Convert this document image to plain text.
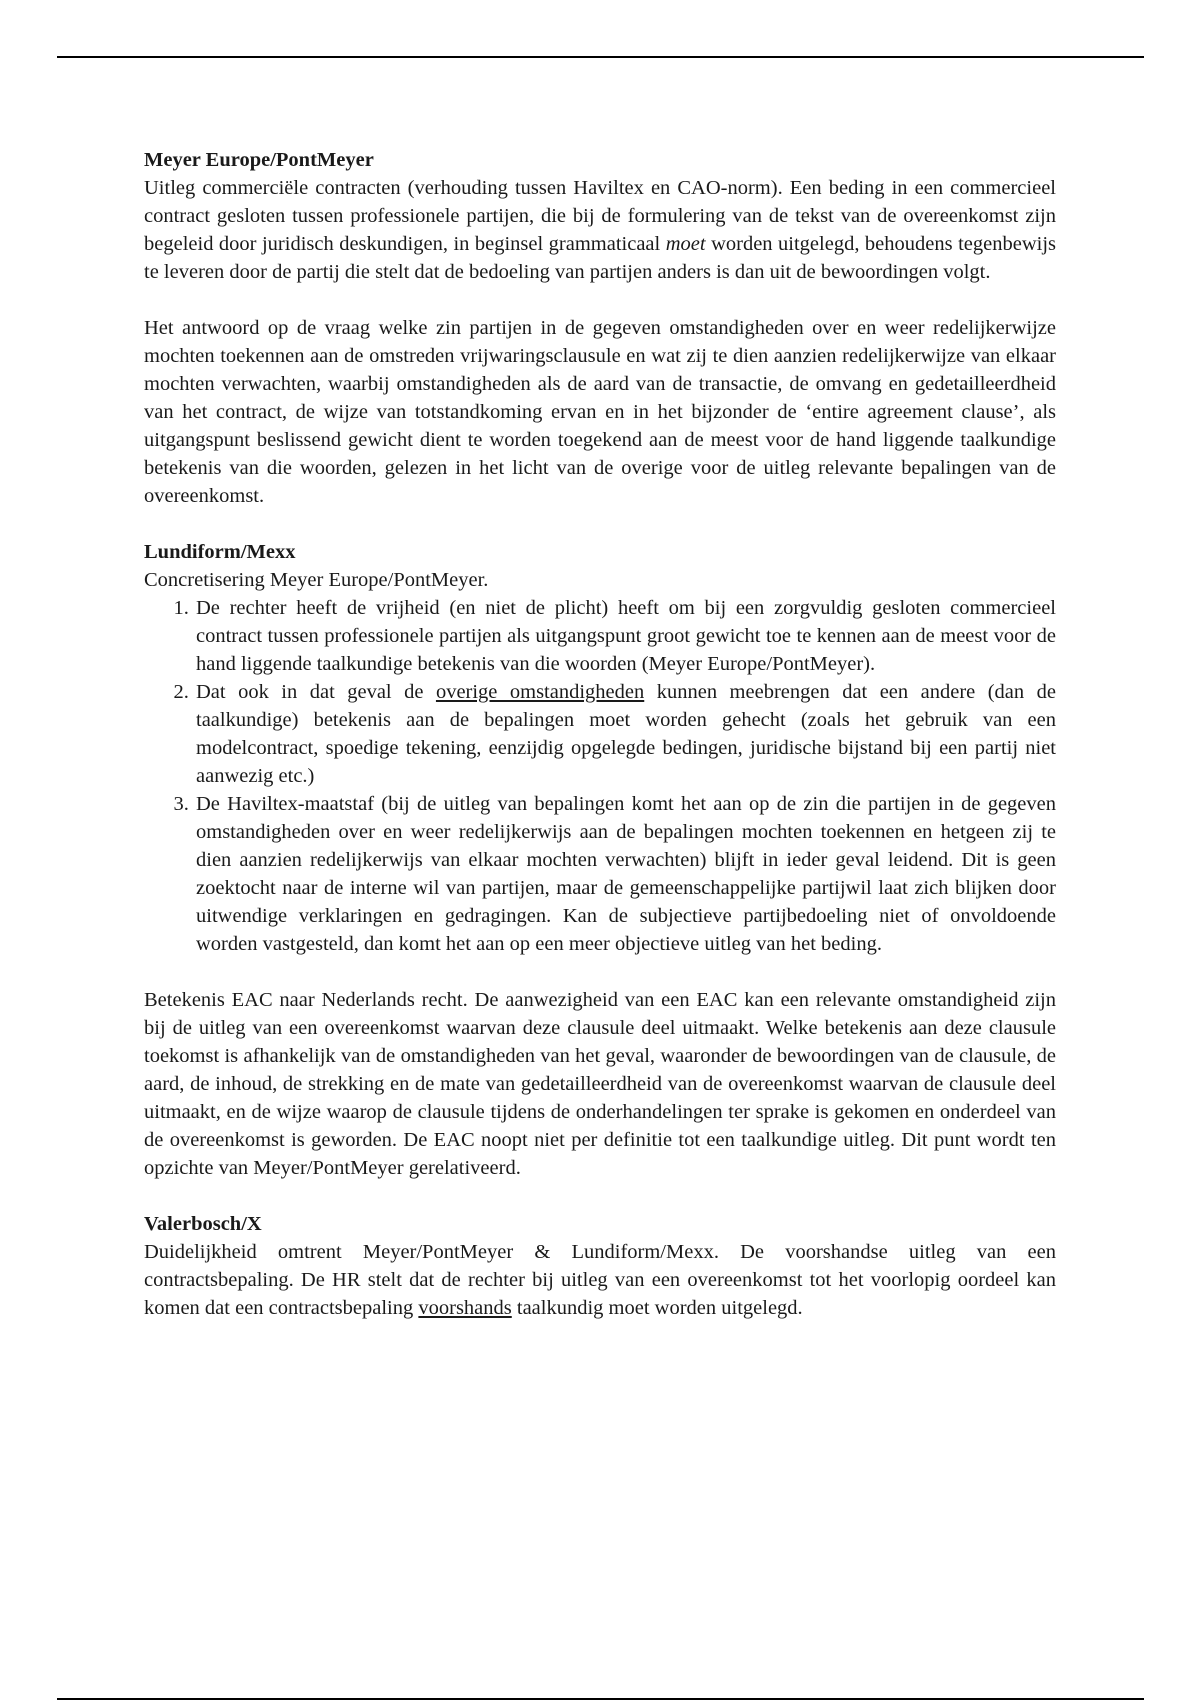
Meyer Europe/PontMeyer

Uitleg commerciële contracten (verhouding tussen Haviltex en CAO-norm). Een beding in een commercieel contract gesloten tussen professionele partijen, die bij de formulering van de tekst van de overeenkomst zijn begeleid door juridisch deskundigen, in beginsel grammaticaal moet worden uitgelegd, behoudens tegenbewijs te leveren door de partij die stelt dat de bedoeling van partijen anders is dan uit de bewoordingen volgt.

Het antwoord op de vraag welke zin partijen in de gegeven omstandigheden over en weer redelijkerwijze mochten toekennen aan de omstreden vrijwaringsclausule en wat zij te dien aanzien redelijkerwijze van elkaar mochten verwachten, waarbij omstandigheden als de aard van de transactie, de omvang en gedetailleerdheid van het contract, de wijze van totstandkoming ervan en in het bijzonder de ‘entire agreement clause’, als uitgangspunt beslissend gewicht dient te worden toegekend aan de meest voor de hand liggende taalkundige betekenis van die woorden, gelezen in het licht van de overige voor de uitleg relevante bepalingen van de overeenkomst.

Lundiform/Mexx

Concretisering Meyer Europe/PontMeyer.

1. De rechter heeft de vrijheid (en niet de plicht) heeft om bij een zorgvuldig gesloten commercieel contract tussen professionele partijen als uitgangspunt groot gewicht toe te kennen aan de meest voor de hand liggende taalkundige betekenis van die woorden (Meyer Europe/PontMeyer).
2. Dat ook in dat geval de overige omstandigheden kunnen meebrengen dat een andere (dan de taalkundige) betekenis aan de bepalingen moet worden gehecht (zoals het gebruik van een modelcontract, spoedige tekening, eenzijdig opgelegde bedingen, juridische bijstand bij een partij niet aanwezig etc.)
3. De Haviltex-maatstaf (bij de uitleg van bepalingen komt het aan op de zin die partijen in de gegeven omstandigheden over en weer redelijkerwijs aan de bepalingen mochten toekennen en hetgeen zij te dien aanzien redelijkerwijs van elkaar mochten verwachten) blijft in ieder geval leidend. Dit is geen zoektocht naar de interne wil van partijen, maar de gemeenschappelijke partijwil laat zich blijken door uitwendige verklaringen en gedragingen. Kan de subjectieve partijbedoeling niet of onvoldoende worden vastgesteld, dan komt het aan op een meer objectieve uitleg van het beding.

Betekenis EAC naar Nederlands recht. De aanwezigheid van een EAC kan een relevante omstandigheid zijn bij de uitleg van een overeenkomst waarvan deze clausule deel uitmaakt. Welke betekenis aan deze clausule toekomst is afhankelijk van de omstandigheden van het geval, waaronder de bewoordingen van de clausule, de aard, de inhoud, de strekking en de mate van gedetailleerdheid van de overeenkomst waarvan de clausule deel uitmaakt, en de wijze waarop de clausule tijdens de onderhandelingen ter sprake is gekomen en onderdeel van de overeenkomst is geworden. De EAC noopt niet per definitie tot een taalkundige uitleg. Dit punt wordt ten opzichte van Meyer/PontMeyer gerelativeerd.

Valerbosch/X

Duidelijkheid omtrent Meyer/PontMeyer & Lundiform/Mexx. De voorshandse uitleg van een contractsbepaling. De HR stelt dat de rechter bij uitleg van een overeenkomst tot het voorlopig oordeel kan komen dat een contractsbepaling voorshands taalkundig moet worden uitgelegd.
